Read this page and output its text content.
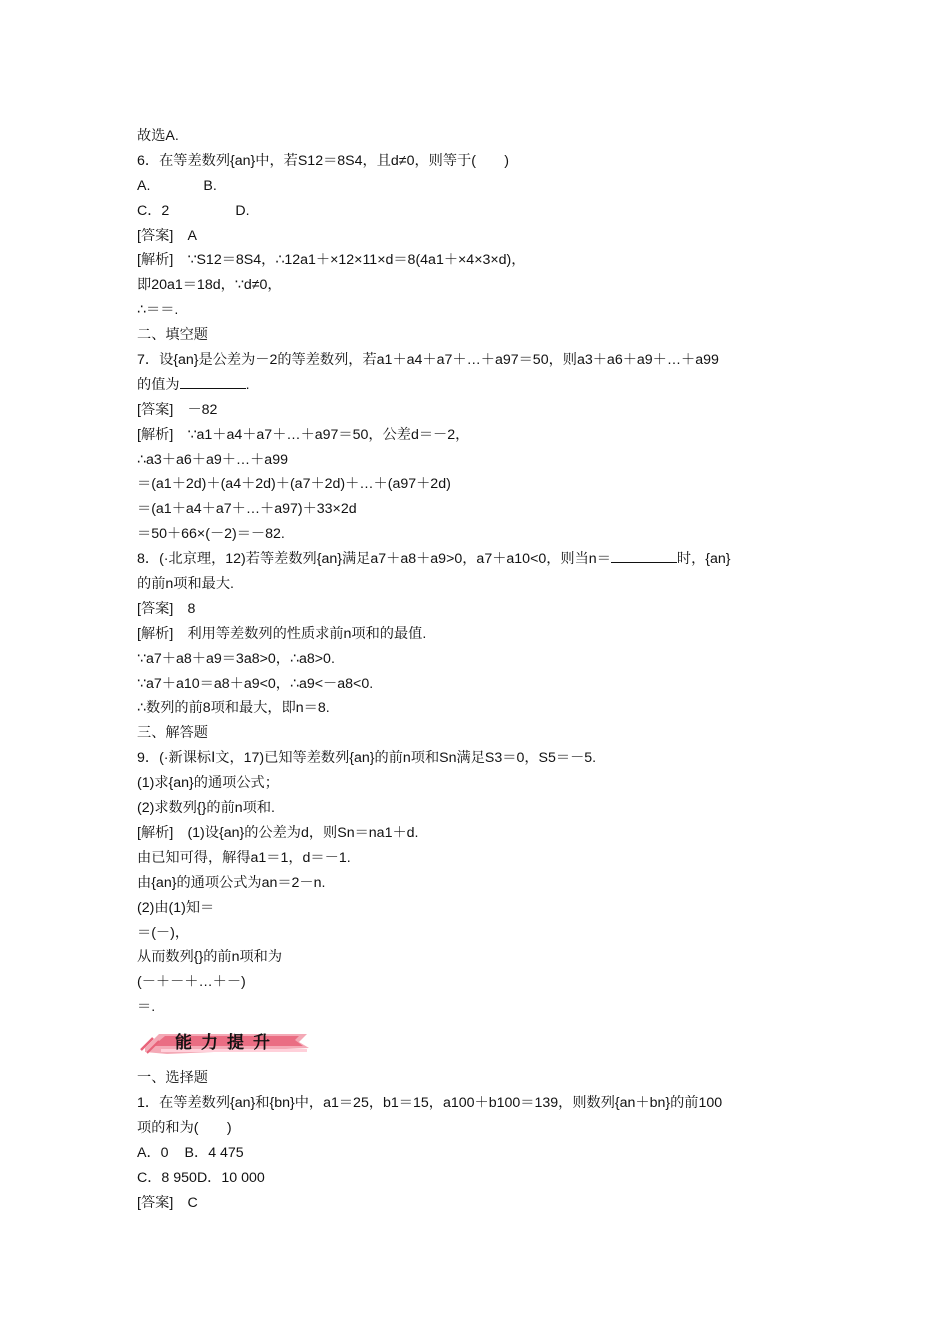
故选A.
6．在等差数列{an}中，若S12＝8S4，且d≠0，则等于(　　)
A.	B.
C．2	D.
[答案]　A
[解析]　∵S12＝8S4，∴12a1＋×12×11×d＝8(4a1＋×4×3×d)，
即20a1＝18d，∵d≠0，
∴＝＝.
二、填空题
7．设{an}是公差为－2的等差数列，若a1＋a4＋a7＋…＋a97＝50，则a3＋a6＋a9＋…＋a99
的值为	.
[答案]　－82
[解析]　∵a1＋a4＋a7＋…＋a97＝50，公差d＝－2，
∴a3＋a6＋a9＋…＋a99
＝(a1＋2d)＋(a4＋2d)＋(a7＋2d)＋…＋(a97＋2d)
＝(a1＋a4＋a7＋…＋a97)＋33×2d
＝50＋66×(－2)＝－82.
8．(·北京理，12)若等差数列{an}满足a7＋a8＋a9>0，a7＋a10<0，则当n＝	时，{an}
的前n项和最大.
[答案]　8
[解析]　利用等差数列的性质求前n项和的最值.
∵a7＋a8＋a9＝3a8>0，∴a8>0.
∵a7＋a10＝a8＋a9<0，∴a9<－a8<0.
∴数列的前8项和最大，即n＝8.
三、解答题
9．(·新课标Ⅰ文，17)已知等差数列{an}的前n项和Sn满足S3＝0，S5＝－5.
(1)求{an}的通项公式；
(2)求数列{}的前n项和.
[解析]　(1)设{an}的公差为d，则Sn＝na1＋d.
由已知可得，解得a1＝1，d＝－1.
由{an}的通项公式为an＝2－n.
(2)由(1)知＝
＝(－)，
从而数列{}的前n项和为
(－＋－＋…＋－)
＝.
能力提升
一、选择题
1．在等差数列{an}和{bn}中，a1＝25，b1＝15，a100＋b100＝139，则数列{an＋bn}的前100
项的和为(　　)
A．0 B．4 475
C．8 950D．10 000
[答案]　C
